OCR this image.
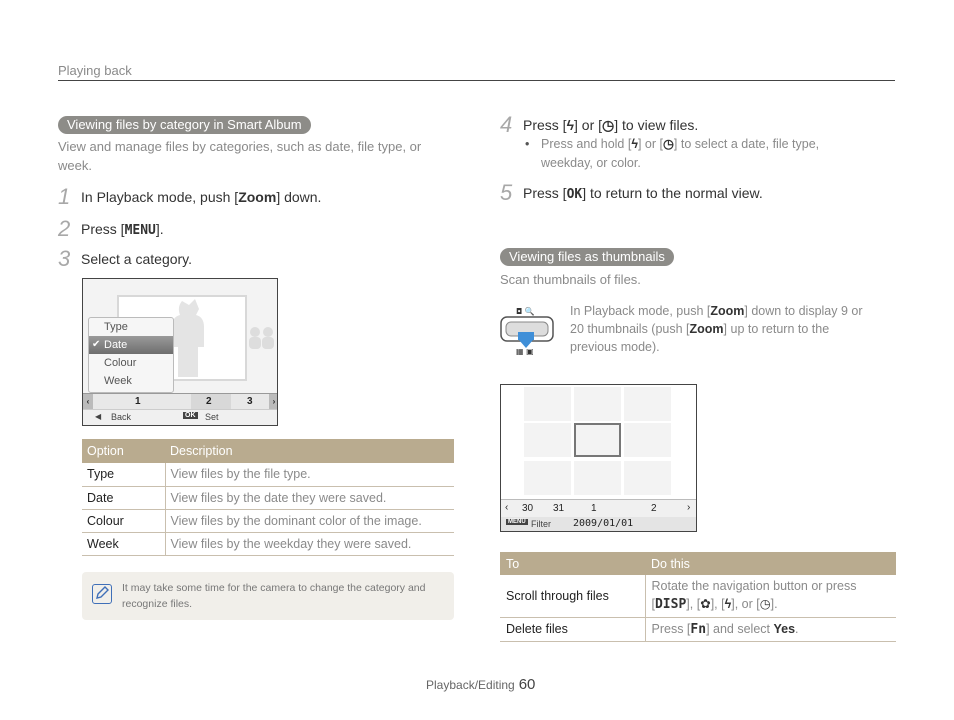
Playing back
Viewing files by category in Smart Album
View and manage files by categories, such as date, file type, or week.
1 In Playback mode, push [Zoom] down.
2 Press [MENU].
3 Select a category.
Type
✔ Date
Colour
Week
‹	1	2	3	›
◀ Back	OK Set
Option	Description
Type	View files by the file type.
Date	View files by the date they were saved.
Colour	View files by the dominant color of the image.
Week	View files by the weekday they were saved.
It may take some time for the camera to change the category and recognize files.
4 Press [ϟ] or [◷] to view files.
• Press and hold [ϟ] or [◷] to select a date, file type, weekday, or color.
5 Press [OK] to return to the normal view.
Viewing files as thumbnails
Scan thumbnails of files.
◘ 🔍
▦ ▣
In Playback mode, push [Zoom] down to display 9 or 20 thumbnails (push [Zoom] up to return to the previous mode).
‹ 30 31	1	2	›
MENU Filter 2009/01/01
To	Do this
Scroll through files	Rotate the navigation button or press [DISP], [✿], [ϟ], or [◷].
Delete files	Press [Fn] and select Yes.
Playback/Editing 60
